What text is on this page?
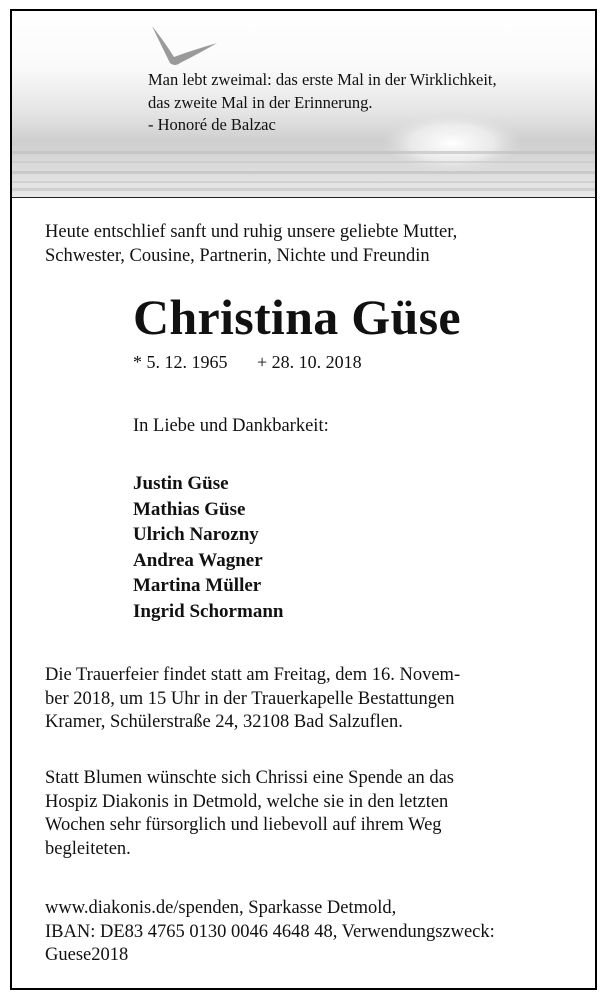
Man lebt zweimal: das erste Mal in der Wirklichkeit,
das zweite Mal in der Erinnerung.
- Honoré de Balzac
Heute entschlief sanft und ruhig unsere geliebte Mutter,
Schwester, Cousine, Partnerin, Nichte und Freundin
Christina Güse
* 5. 12. 1965 + 28. 10. 2018
In Liebe und Dankbarkeit:
Justin Güse
Mathias Güse
Ulrich Narozny
Andrea Wagner
Martina Müller
Ingrid Schormann
Die Trauerfeier findet statt am Freitag, dem 16. Novem-
ber 2018, um 15 Uhr in der Trauerkapelle Bestattungen
Kramer, Schülerstraße 24, 32108 Bad Salzuflen.
Statt Blumen wünschte sich Chrissi eine Spende an das
Hospiz Diakonis in Detmold, welche sie in den letzten
Wochen sehr fürsorglich und liebevoll auf ihrem Weg
begleiteten.
www.diakonis.de/spenden, Sparkasse Detmold,
IBAN: DE83 4765 0130 0046 4648 48, Verwendungszweck:
Guese2018
